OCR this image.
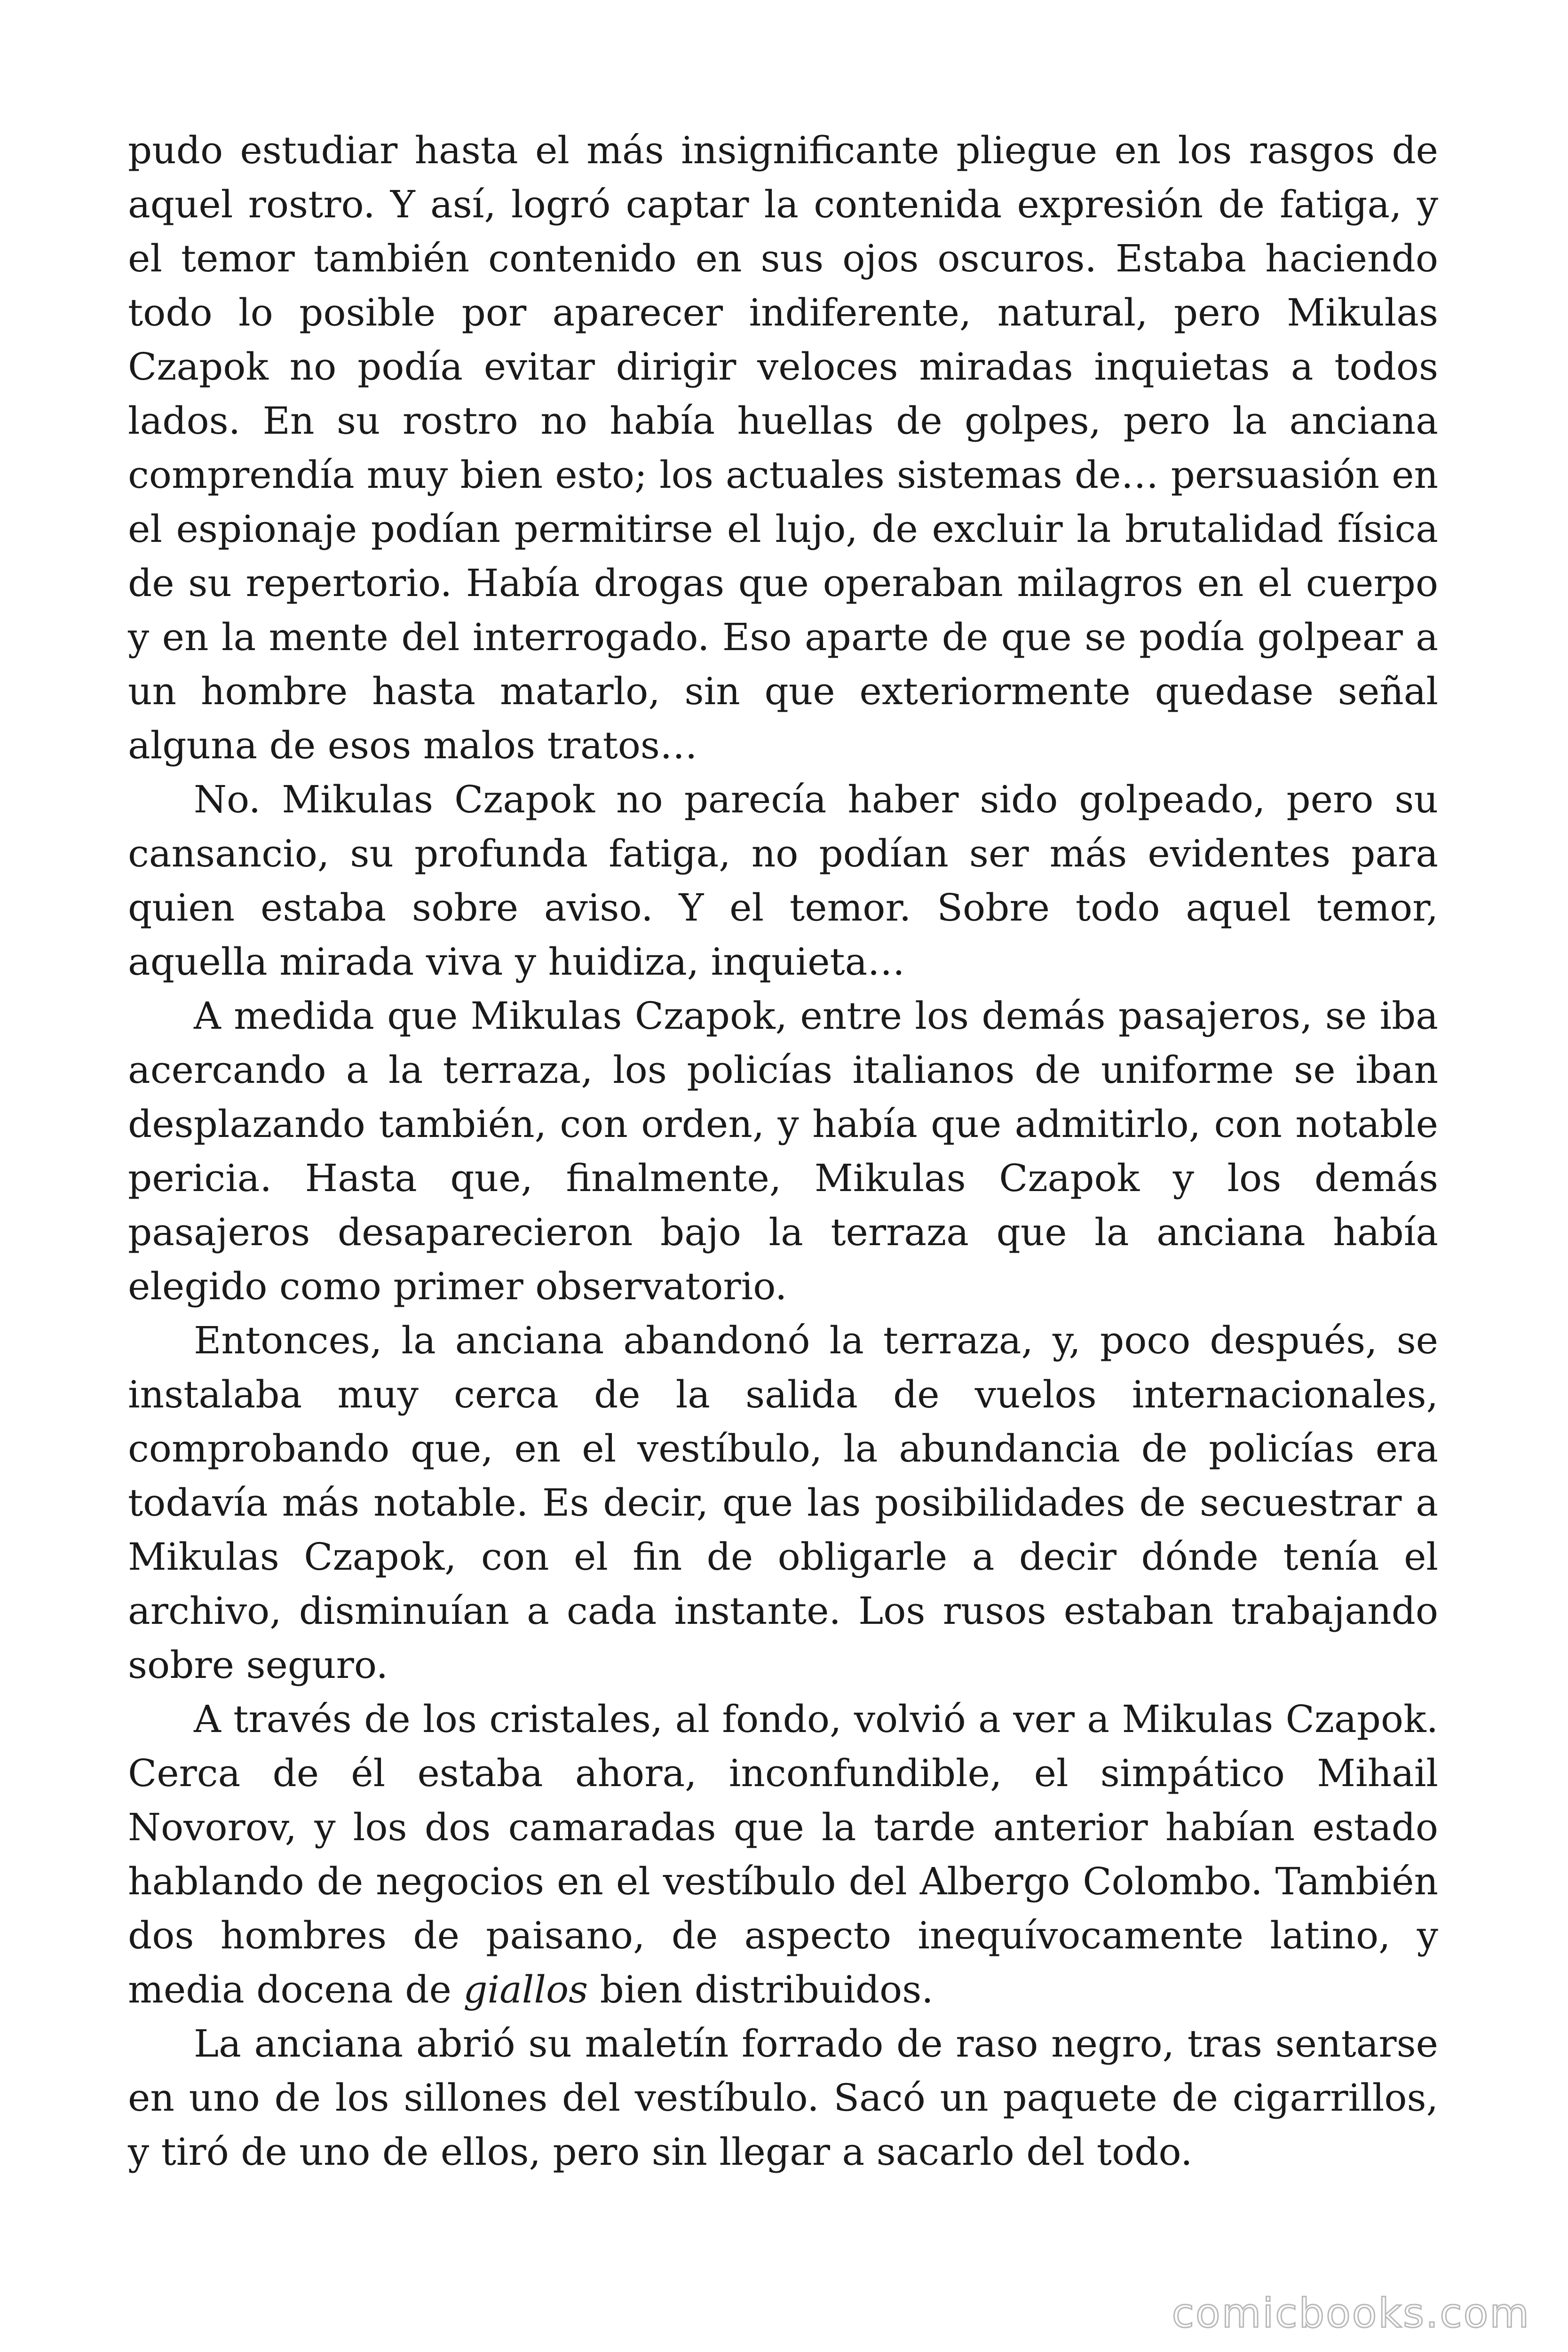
pudo estudiar hasta el más insignificante pliegue en los rasgos de aquel rostro. Y así, logró captar la contenida expresión de fatiga, y el temor también contenido en sus ojos oscuros. Estaba haciendo todo lo posible por aparecer indiferente, natural, pero Mikulas Czapok no podía evitar dirigir veloces miradas inquietas a todos lados. En su rostro no había huellas de golpes, pero la anciana comprendía muy bien esto; los actuales sistemas de… persuasión en el espionaje podían permitirse el lujo, de excluir la brutalidad física de su repertorio. Había drogas que operaban milagros en el cuerpo y en la mente del interrogado. Eso aparte de que se podía golpear a un hombre hasta matarlo, sin que exteriormente quedase señal alguna de esos malos tratos…

No. Mikulas Czapok no parecía haber sido golpeado, pero su cansancio, su profunda fatiga, no podían ser más evidentes para quien estaba sobre aviso. Y el temor. Sobre todo aquel temor, aquella mirada viva y huidiza, inquieta…

A medida que Mikulas Czapok, entre los demás pasajeros, se iba acercando a la terraza, los policías italianos de uniforme se iban desplazando también, con orden, y había que admitirlo, con notable pericia. Hasta que, finalmente, Mikulas Czapok y los demás pasajeros desaparecieron bajo la terraza que la anciana había elegido como primer observatorio.

Entonces, la anciana abandonó la terraza, y, poco después, se instalaba muy cerca de la salida de vuelos internacionales, comprobando que, en el vestíbulo, la abundancia de policías era todavía más notable. Es decir, que las posibilidades de secuestrar a Mikulas Czapok, con el fin de obligarle a decir dónde tenía el archivo, disminuían a cada instante. Los rusos estaban trabajando sobre seguro.

A través de los cristales, al fondo, volvió a ver a Mikulas Czapok. Cerca de él estaba ahora, inconfundible, el simpático Mihail Novorov, y los dos camaradas que la tarde anterior habían estado hablando de negocios en el vestíbulo del Albergo Colombo. También dos hombres de paisano, de aspecto inequívocamente latino, y media docena de giallos bien distribuidos.

La anciana abrió su maletín forrado de raso negro, tras sentarse en uno de los sillones del vestíbulo. Sacó un paquete de cigarrillos, y tiró de uno de ellos, pero sin llegar a sacarlo del todo.

comicbooks.com
